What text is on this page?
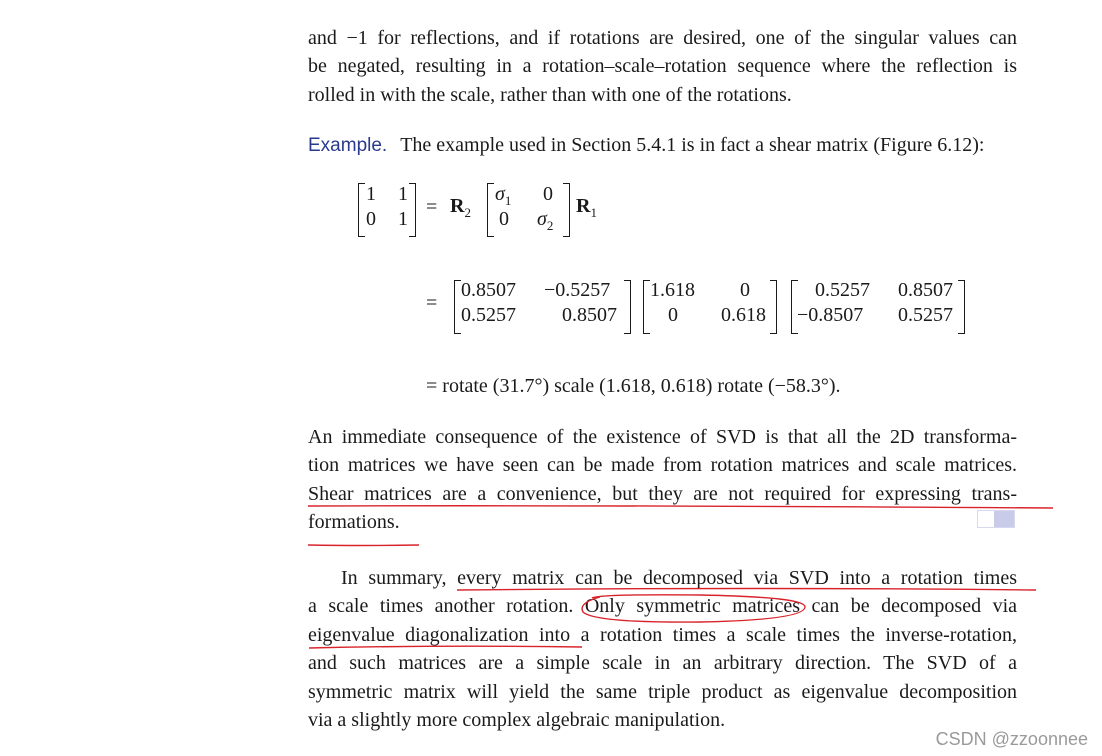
and −1 for reflections, and if rotations are desired, one of the singular values can
be negated, resulting in a rotation–scale–rotation sequence where the reflection is
rolled in with the scale, rather than with one of the rotations.
Example. The example used in Section 5.4.1 is in fact a shear matrix (Figure 6.12):
1 1
0 1
= $R_2$
$\sigma_1$ 0
0 $\sigma_2$
$R_1$
=
0.8507 −0.5257
0.5257 0.8507
1.618 0
0 0.618
0.5257 0.8507
−0.8507 0.5257
= rotate (31.7°) scale (1.618, 0.618) rotate (−58.3°).
An immediate consequence of the existence of SVD is that all the 2D transforma-
tion matrices we have seen can be made from rotation matrices and scale matrices.
Shear matrices are a convenience, but they are not required for expressing trans-
formations.
In summary, every matrix can be decomposed via SVD into a rotation times
a scale times another rotation. Only symmetric matrices can be decomposed via
eigenvalue diagonalization into a rotation times a scale times the inverse-rotation,
and such matrices are a simple scale in an arbitrary direction. The SVD of a
symmetric matrix will yield the same triple product as eigenvalue decomposition
via a slightly more complex algebraic manipulation.
CSDN @zzoonnee
